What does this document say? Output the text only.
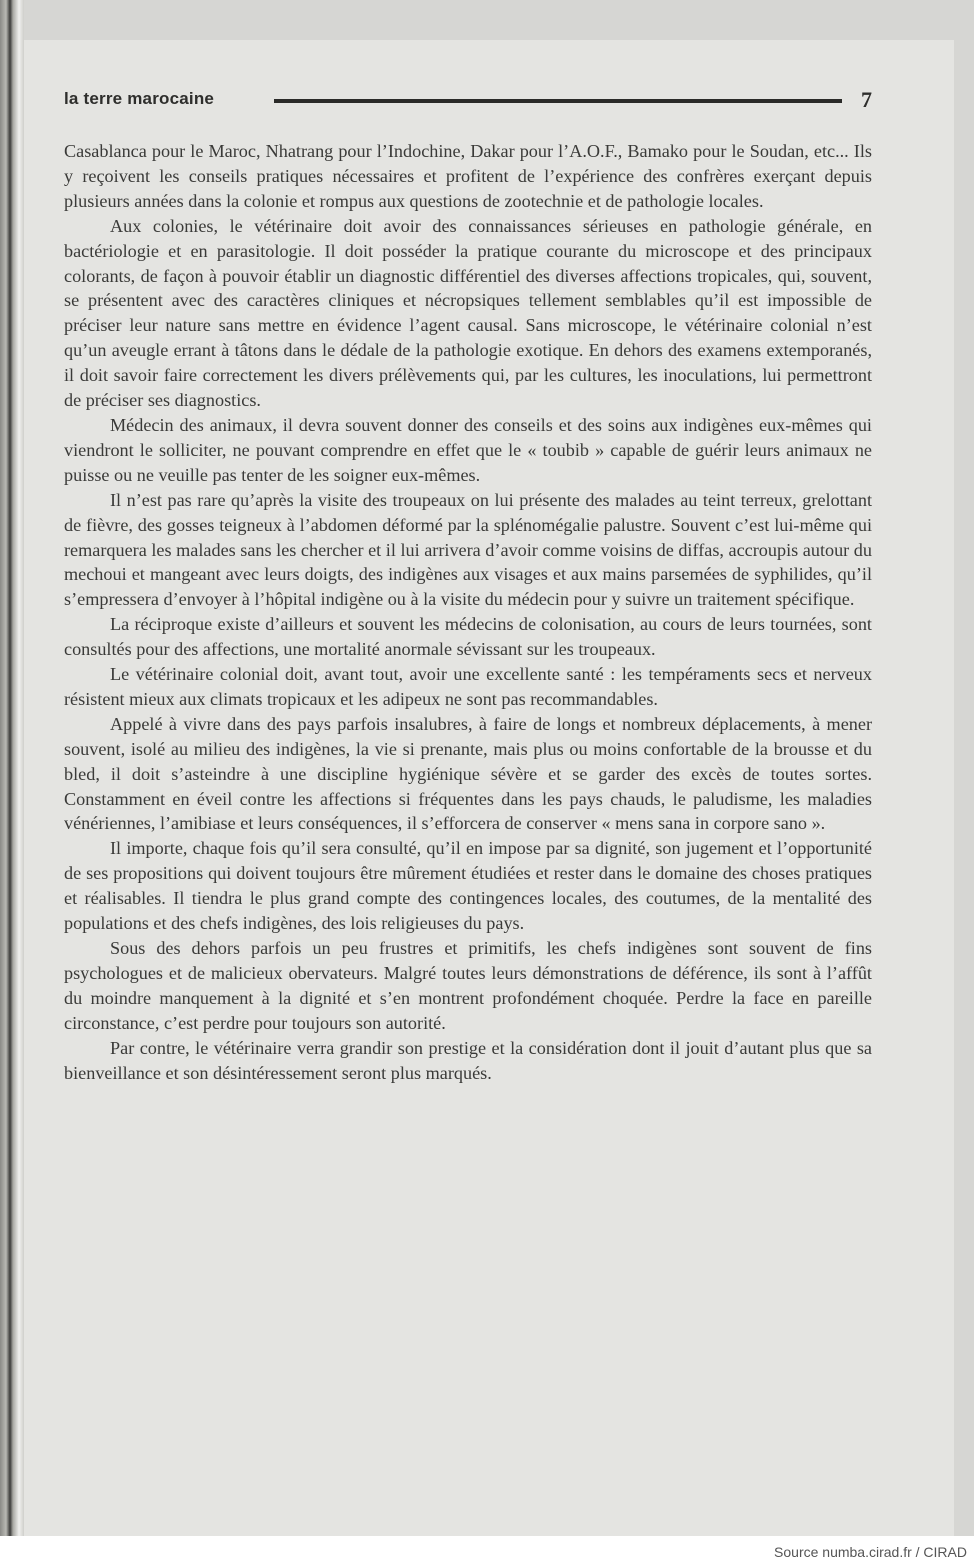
la terre marocaine	7

Casablanca pour le Maroc, Nhatrang pour l’Indochine, Dakar pour l’A.O.F., Bamako pour le Soudan, etc... Ils y reçoivent les conseils pratiques nécessaires et profitent de l’expérience des confrères exerçant depuis plusieurs années dans la colonie et rompus aux questions de zootechnie et de pathologie locales.

Aux colonies, le vétérinaire doit avoir des connaissances sérieuses en pathologie générale, en bactériologie et en parasitologie. Il doit posséder la pratique courante du microscope et des principaux colorants, de façon à pouvoir établir un diagnostic différentiel des diverses affections tropicales, qui, souvent, se présentent avec des caractères cliniques et nécropsiques tellement semblables qu’il est impossible de préciser leur nature sans mettre en évidence l’agent causal. Sans microscope, le vétérinaire colonial n’est qu’un aveugle errant à tâtons dans le dédale de la pathologie exotique. En dehors des examens extemporanés, il doit savoir faire correctement les divers prélèvements qui, par les cultures, les inoculations, lui permettront de préciser ses diagnostics.

Médecin des animaux, il devra souvent donner des conseils et des soins aux indigènes eux-mêmes qui viendront le solliciter, ne pouvant comprendre en effet que le « toubib » capable de guérir leurs animaux ne puisse ou ne veuille pas tenter de les soigner eux-mêmes.

Il n’est pas rare qu’après la visite des troupeaux on lui présente des malades au teint terreux, grelottant de fièvre, des gosses teigneux à l’abdomen déformé par la splénomégalie palustre. Souvent c’est lui-même qui remarquera les malades sans les chercher et il lui arrivera d’avoir comme voisins de diffas, accroupis autour du mechoui et mangeant avec leurs doigts, des indigènes aux visages et aux mains parsemées de syphilides, qu’il s’empressera d’envoyer à l’hôpital indigène ou à la visite du médecin pour y suivre un traitement spécifique.

La réciproque existe d’ailleurs et souvent les médecins de colonisation, au cours de leurs tournées, sont consultés pour des affections, une mortalité anormale sévissant sur les troupeaux.

Le vétérinaire colonial doit, avant tout, avoir une excellente santé : les tempéraments secs et nerveux résistent mieux aux climats tropicaux et les adipeux ne sont pas recommandables.

Appelé à vivre dans des pays parfois insalubres, à faire de longs et nombreux déplacements, à mener souvent, isolé au milieu des indigènes, la vie si prenante, mais plus ou moins confortable de la brousse et du bled, il doit s’asteindre à une discipline hygiénique sévère et se garder des excès de toutes sortes. Constamment en éveil contre les affections si fréquentes dans les pays chauds, le paludisme, les maladies vénériennes, l’amibiase et leurs conséquences, il s’efforcera de conserver « mens sana in corpore sano ».

Il importe, chaque fois qu’il sera consulté, qu’il en impose par sa dignité, son jugement et l’opportunité de ses propositions qui doivent toujours être mûrement étudiées et rester dans le domaine des choses pratiques et réalisables. Il tiendra le plus grand compte des contingences locales, des coutumes, de la mentalité des populations et des chefs indigènes, des lois religieuses du pays.

Sous des dehors parfois un peu frustres et primitifs, les chefs indigènes sont souvent de fins psychologues et de malicieux obervateurs. Malgré toutes leurs démonstrations de déférence, ils sont à l’affût du moindre manquement à la dignité et s’en montrent profondément choquée. Perdre la face en pareille circonstance, c’est perdre pour toujours son autorité.

Par contre, le vétérinaire verra grandir son prestige et la considération dont il jouit d’autant plus que sa bienveillance et son désintéressement seront plus marqués.

Source numba.cirad.fr / CIRAD
